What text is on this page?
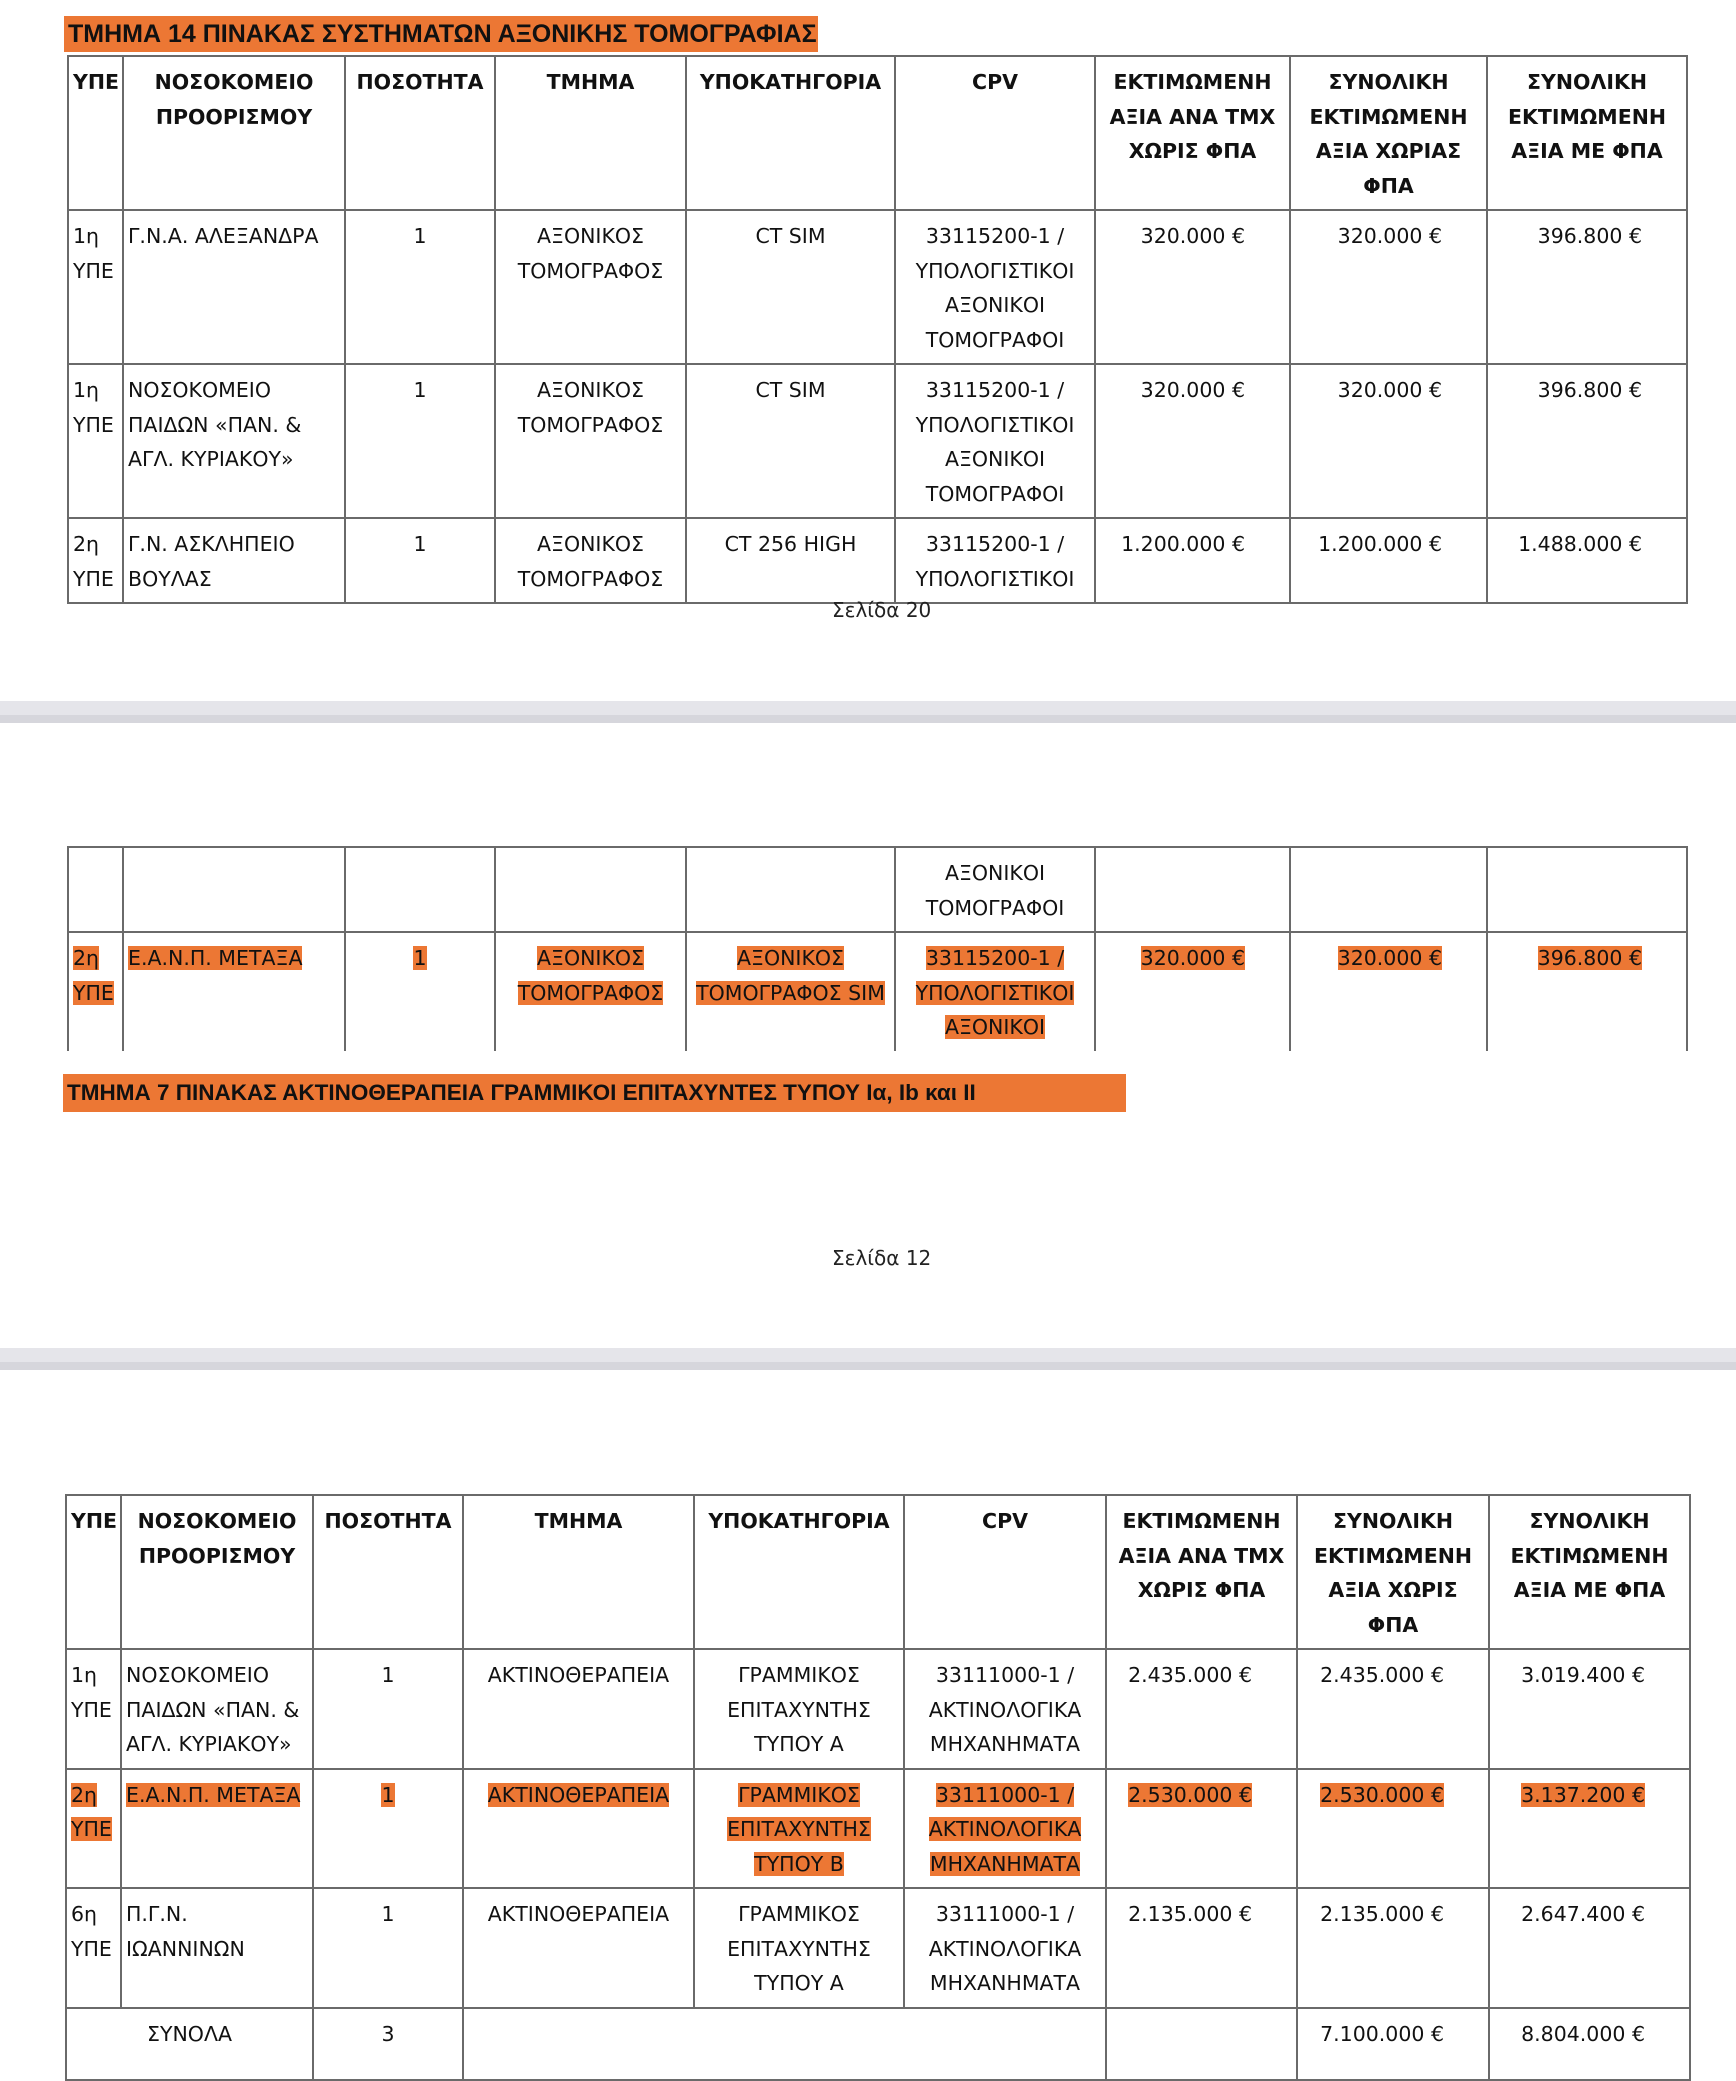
ΤΜΗΜΑ 14 ΠΙΝΑΚΑΣ ΣΥΣΤΗΜΑΤΩΝ ΑΞΟΝΙΚΗΣ ΤΟΜΟΓΡΑΦΙΑΣ
ΥΠΕ	ΝΟΣΟΚΟΜΕΙΟ ΠΡΟΟΡΙΣΜΟΥ	ΠΟΣΟΤΗΤΑ	ΤΜΗΜΑ	ΥΠΟΚΑΤΗΓΟΡΙΑ	CPV	ΕΚΤΙΜΩΜΕΝΗ ΑΞΙΑ ΑΝΑ ΤΜΧ ΧΩΡΙΣ ΦΠΑ	ΣΥΝΟΛΙΚΗ ΕΚΤΙΜΩΜΕΝΗ ΑΞΙΑ ΧΩΡΙΑΣ ΦΠΑ	ΣΥΝΟΛΙΚΗ ΕΚΤΙΜΩΜΕΝΗ ΑΞΙΑ ΜΕ ΦΠΑ
1η ΥΠΕ	Γ.Ν.Α. ΑΛΕΞΑΝΔΡΑ	1	ΑΞΟΝΙΚΟΣ ΤΟΜΟΓΡΑΦΟΣ	CT SIM	33115200-1 / ΥΠΟΛΟΓΙΣΤΙΚΟΙ ΑΞΟΝΙΚΟΙ ΤΟΜΟΓΡΑΦΟΙ	320.000 €	320.000 €	396.800 €
1η ΥΠΕ	ΝΟΣΟΚΟΜΕΙΟ ΠΑΙΔΩΝ «ΠΑΝ. & ΑΓΛ. ΚΥΡΙΑΚΟΥ»	1	ΑΞΟΝΙΚΟΣ ΤΟΜΟΓΡΑΦΟΣ	CT SIM	33115200-1 / ΥΠΟΛΟΓΙΣΤΙΚΟΙ ΑΞΟΝΙΚΟΙ ΤΟΜΟΓΡΑΦΟΙ	320.000 €	320.000 €	396.800 €
2η ΥΠΕ	Γ.Ν. ΑΣΚΛΗΠΕΙΟ ΒΟΥΛΑΣ	1	ΑΞΟΝΙΚΟΣ ΤΟΜΟΓΡΑΦΟΣ	CT 256 HIGH	33115200-1 / ΥΠΟΛΟΓΙΣΤΙΚΟΙ	1.200.000 €	1.200.000 €	1.488.000 €
Σελίδα 20
					ΑΞΟΝΙΚΟΙ ΤΟΜΟΓΡΑΦΟΙ			
2η ΥΠΕ	Ε.Α.Ν.Π. ΜΕΤΑΞΑ	1	ΑΞΟΝΙΚΟΣ ΤΟΜΟΓΡΑΦΟΣ	ΑΞΟΝΙΚΟΣ ΤΟΜΟΓΡΑΦΟΣ SIM	33115200-1 / ΥΠΟΛΟΓΙΣΤΙΚΟΙ ΑΞΟΝΙΚΟΙ	320.000 €	320.000 €	396.800 €
ΤΜΗΜΑ 7 ΠΙΝΑΚΑΣ ΑΚΤΙΝΟΘΕΡΑΠΕΙΑ ΓΡΑΜΜΙΚΟΙ ΕΠΙΤΑΧΥΝΤΕΣ ΤΥΠΟΥ Ια, Ιb και ΙΙ
Σελίδα 12
ΥΠΕ	ΝΟΣΟΚΟΜΕΙΟ ΠΡΟΟΡΙΣΜΟΥ	ΠΟΣΟΤΗΤΑ	ΤΜΗΜΑ	ΥΠΟΚΑΤΗΓΟΡΙΑ	CPV	ΕΚΤΙΜΩΜΕΝΗ ΑΞΙΑ ΑΝΑ ΤΜΧ ΧΩΡΙΣ ΦΠΑ	ΣΥΝΟΛΙΚΗ ΕΚΤΙΜΩΜΕΝΗ ΑΞΙΑ ΧΩΡΙΣ ΦΠΑ	ΣΥΝΟΛΙΚΗ ΕΚΤΙΜΩΜΕΝΗ ΑΞΙΑ ΜΕ ΦΠΑ
1η ΥΠΕ	ΝΟΣΟΚΟΜΕΙΟ ΠΑΙΔΩΝ «ΠΑΝ. & ΑΓΛ. ΚΥΡΙΑΚΟΥ»	1	ΑΚΤΙΝΟΘΕΡΑΠΕΙΑ	ΓΡΑΜΜΙΚΟΣ ΕΠΙΤΑΧΥΝΤΗΣ ΤΥΠΟΥ Α	33111000-1 / ΑΚΤΙΝΟΛΟΓΙΚΑ ΜΗΧΑΝΗΜΑΤΑ	2.435.000 €	2.435.000 €	3.019.400 €
2η ΥΠΕ	Ε.Α.Ν.Π. ΜΕΤΑΞΑ	1	ΑΚΤΙΝΟΘΕΡΑΠΕΙΑ	ΓΡΑΜΜΙΚΟΣ ΕΠΙΤΑΧΥΝΤΗΣ ΤΥΠΟΥ Β	33111000-1 / ΑΚΤΙΝΟΛΟΓΙΚΑ ΜΗΧΑΝΗΜΑΤΑ	2.530.000 €	2.530.000 €	3.137.200 €
6η ΥΠΕ	Π.Γ.Ν. ΙΩΑΝΝΙΝΩΝ	1	ΑΚΤΙΝΟΘΕΡΑΠΕΙΑ	ΓΡΑΜΜΙΚΟΣ ΕΠΙΤΑΧΥΝΤΗΣ ΤΥΠΟΥ Α	33111000-1 / ΑΚΤΙΝΟΛΟΓΙΚΑ ΜΗΧΑΝΗΜΑΤΑ	2.135.000 €	2.135.000 €	2.647.400 €
ΣΥΝΟΛΑ		3					7.100.000 €	8.804.000 €
